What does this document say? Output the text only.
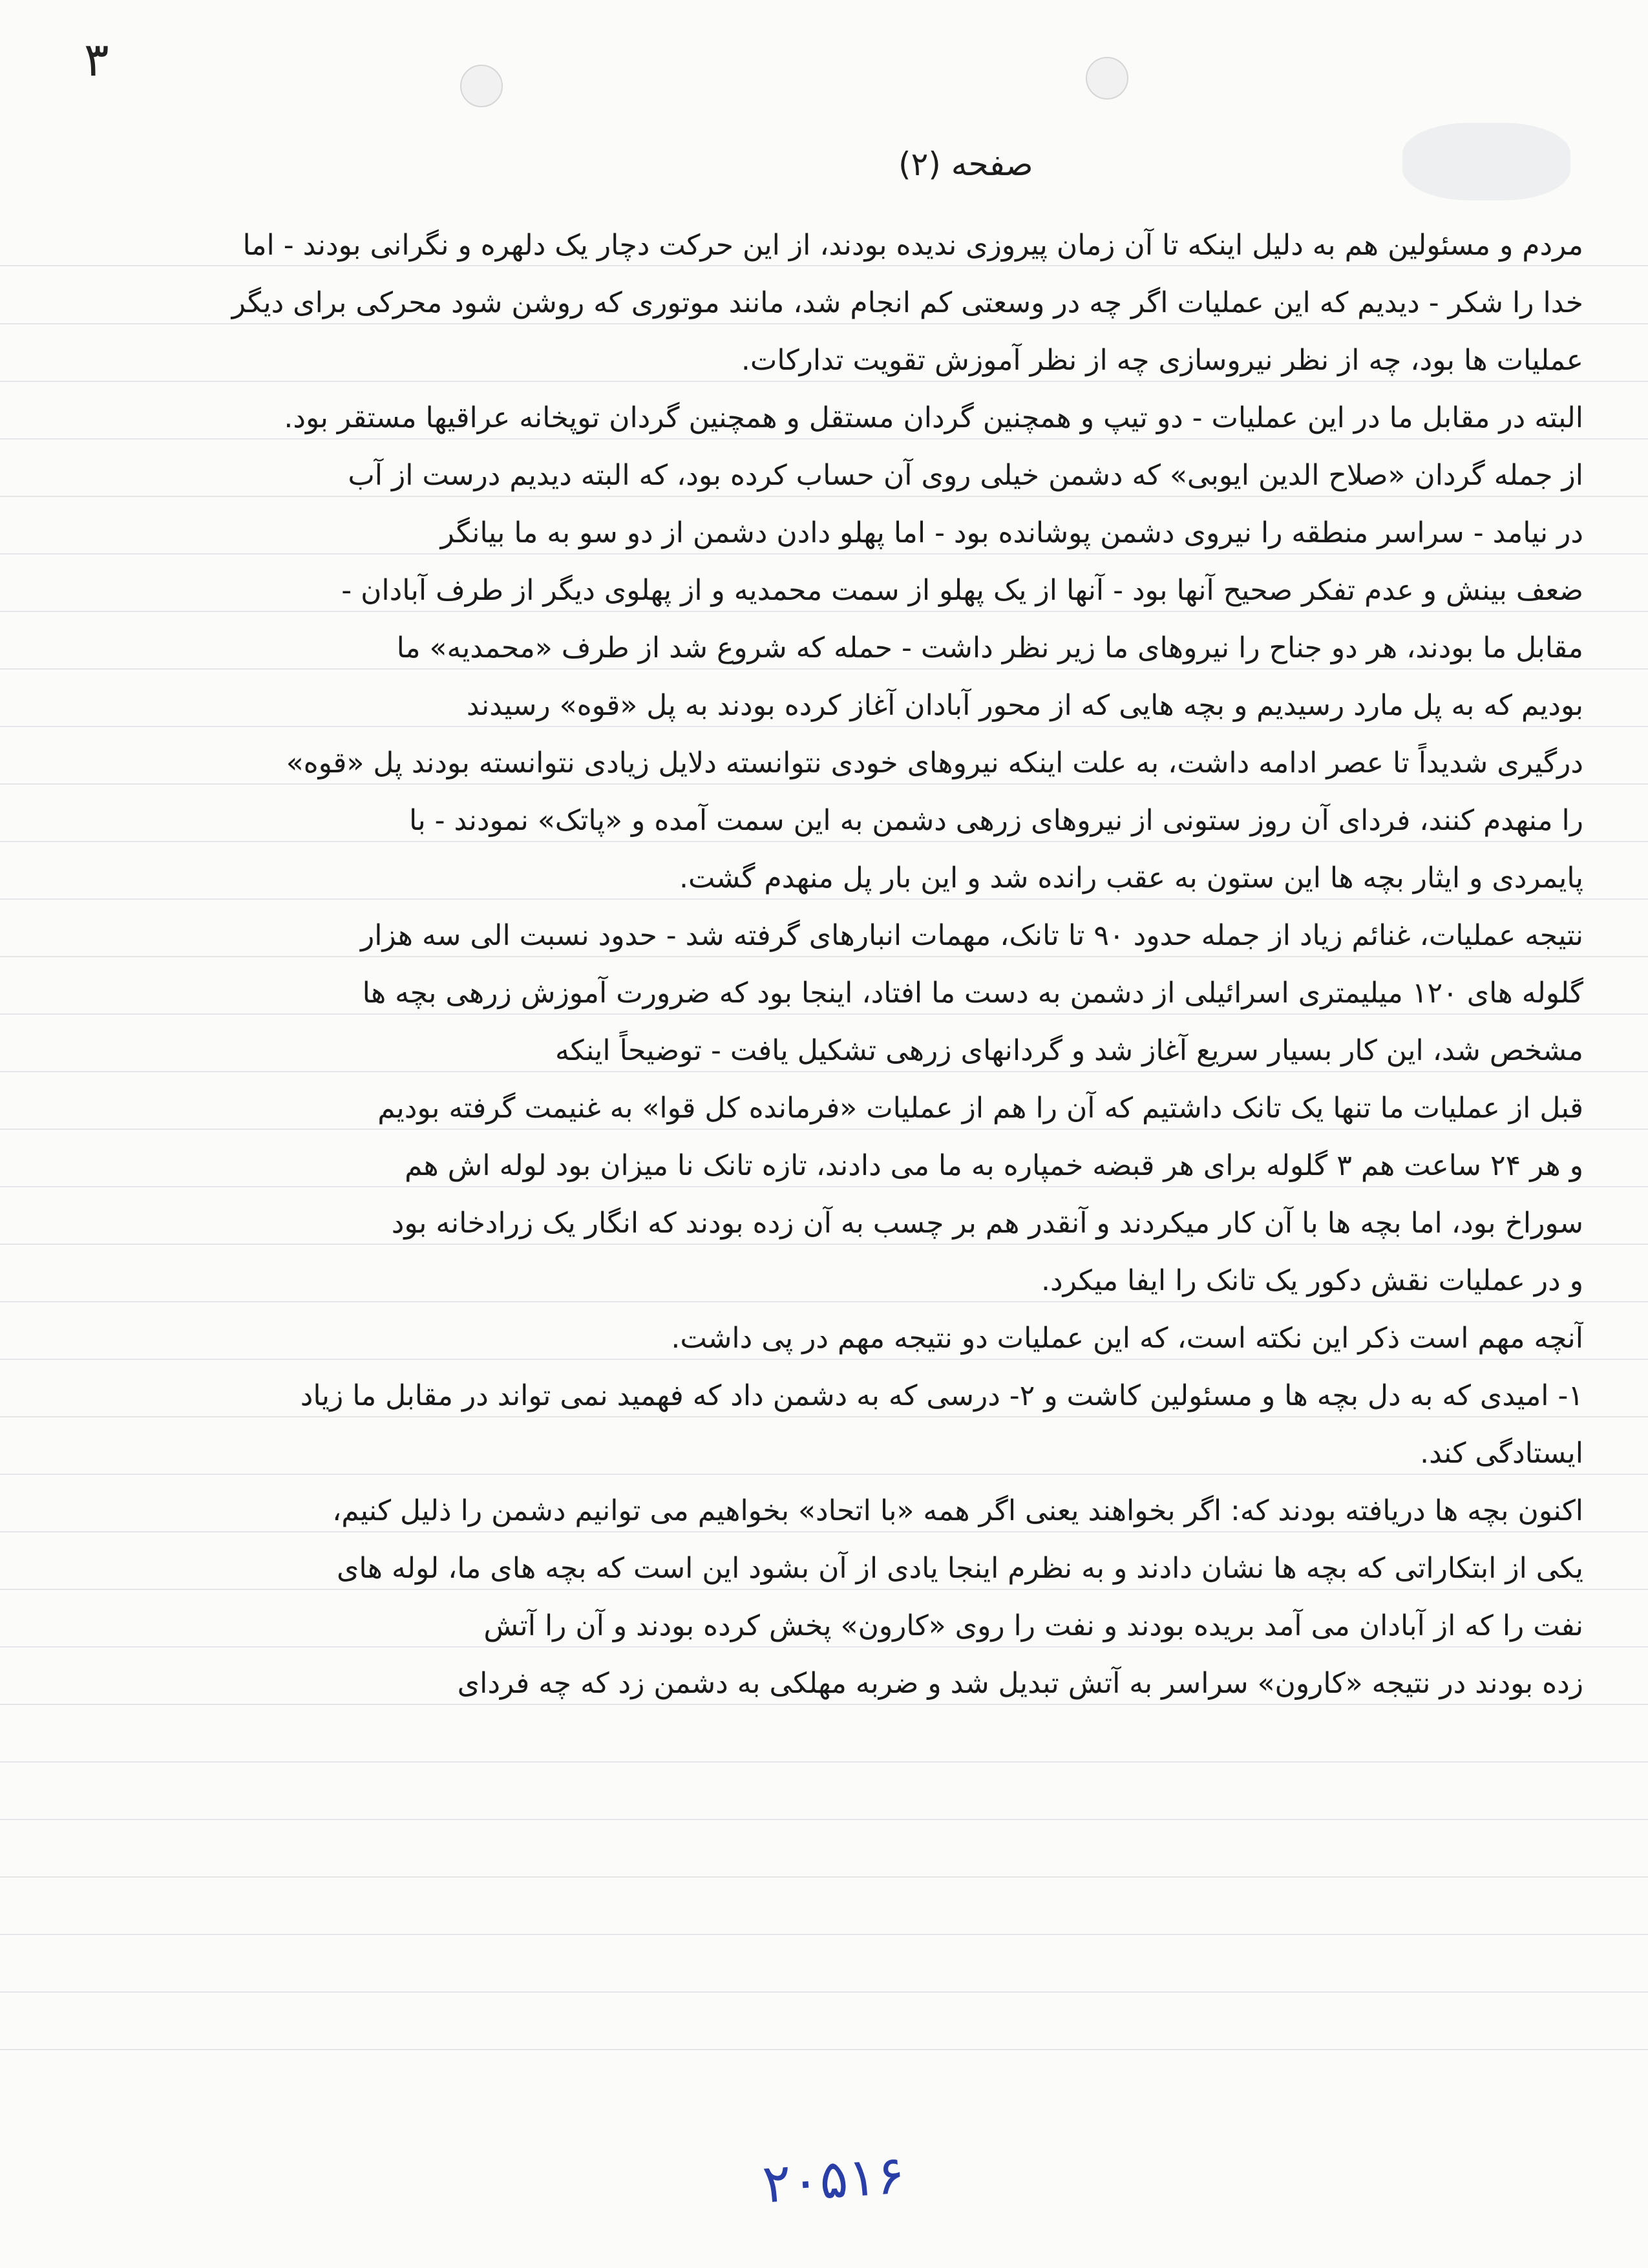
۳
صفحه (۲)
مردم و مسئولین هم به دلیل اینکه تا آن زمان پیروزی ندیده بودند، از این حرکت دچار یک دلهره و نگرانی بودند - اما
خدا را شکر - دیدیم که این عملیات اگر چه در وسعتی کم انجام شد، مانند موتوری که روشن شود محرکی برای دیگر
عملیات ها بود، چه از نظر نیروسازی چه از نظر آموزش تقویت تدارکات.
البته در مقابل ما در این عملیات - دو تیپ و همچنین گردان مستقل و همچنین گردان توپخانه عراقیها مستقر بود.
از جمله گردان «صلاح الدین ایوبی» که دشمن خیلی روی آن حساب کرده بود، که البته دیدیم درست از آب
در نیامد - سراسر منطقه را نیروی دشمن پوشانده بود - اما پهلو دادن دشمن از دو سو به ما بیانگر
ضعف بینش و عدم تفکر صحیح آنها بود - آنها از یک پهلو از سمت محمدیه و از پهلوی دیگر از طرف آبادان -
مقابل ما بودند، هر دو جناح را نیروهای ما زیر نظر داشت - حمله که شروع شد از طرف «محمدیه» ما
بودیم که به پل مارد رسیدیم و بچه هایی که از محور آبادان آغاز کرده بودند به پل «قوه» رسیدند
درگیری شدیداً تا عصر ادامه داشت، به علت اینکه نیروهای خودی نتوانسته دلایل زیادی نتوانسته بودند پل «قوه»
را منهدم کنند، فردای آن روز ستونی از نیروهای زرهی دشمن به این سمت آمده و «پاتک» نمودند - با
پایمردی و ایثار بچه ها این ستون به عقب رانده شد و این بار پل منهدم گشت.
نتیجه عملیات، غنائم زیاد از جمله حدود ۹۰ تا تانک، مهمات انبارهای گرفته شد - حدود نسبت الی سه هزار
گلوله های ۱۲۰ میلیمتری اسرائیلی از دشمن به دست ما افتاد، اینجا بود که ضرورت آموزش زرهی بچه ها
مشخص شد، این کار بسیار سریع آغاز شد و گردانهای زرهی تشکیل یافت - توضیحاً اینکه
قبل از عملیات ما تنها یک تانک داشتیم که آن را هم از عملیات «فرمانده کل قوا» به غنیمت گرفته بودیم
و هر ۲۴ ساعت هم ۳ گلوله برای هر قبضه خمپاره به ما می دادند، تازه تانک نا میزان بود لوله اش هم
سوراخ بود، اما بچه ها با آن کار میکردند و آنقدر هم بر چسب به آن زده بودند که انگار یک زرادخانه بود
و در عملیات نقش دکور یک تانک را ایفا میکرد.
آنچه مهم است ذکر این نکته است، که این عملیات دو نتیجه مهم در پی داشت.
۱- امیدی که به دل بچه ها و مسئولین کاشت و ۲- درسی که به دشمن داد که فهمید نمی تواند در مقابل ما زیاد
ایستادگی کند.
اکنون بچه ها دریافته بودند که: اگر بخواهند یعنی اگر همه «با اتحاد» بخواهیم می توانیم دشمن را ذلیل کنیم،
یکی از ابتکاراتی که بچه ها نشان دادند و به نظرم اینجا یادی از آن بشود این است که بچه های ما، لوله های
نفت را که از آبادان می آمد بریده بودند و نفت را روی «کارون» پخش کرده بودند و آن را آتش
زده بودند در نتیجه «کارون» سراسر به آتش تبدیل شد و ضربه مهلکی به دشمن زد که چه فردای
۲۰۵۱۶
